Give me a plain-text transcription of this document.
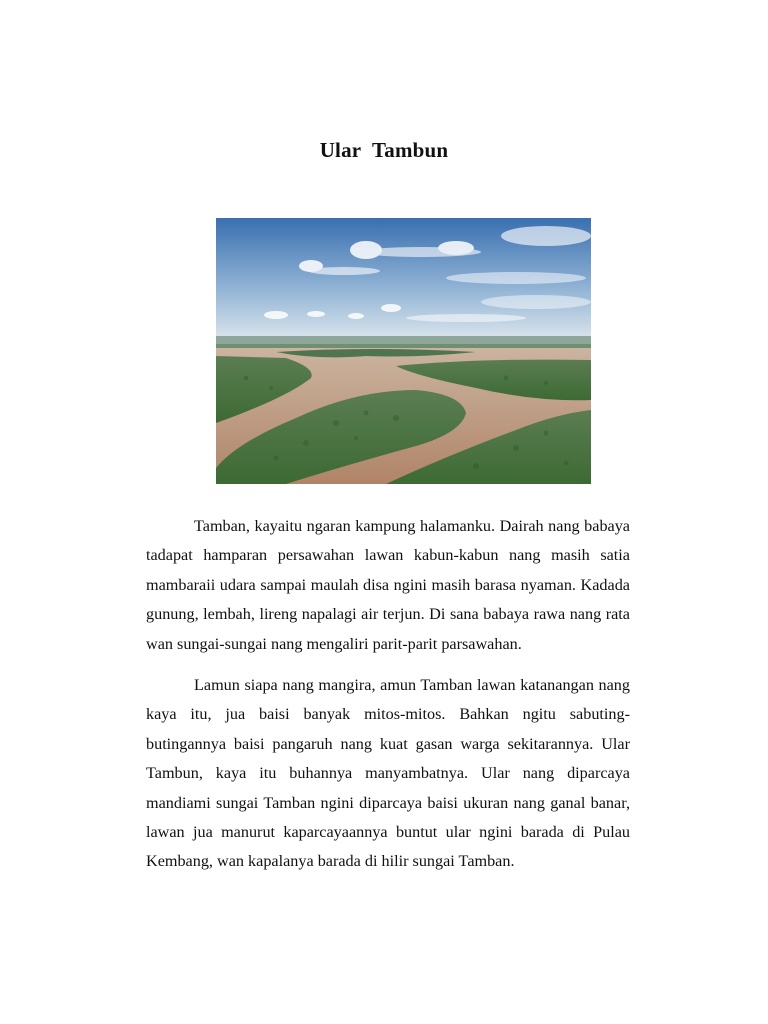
Ular Tambun

Tamban, kayaitu ngaran kampung halamanku. Dairah nang babaya tadapat hamparan persawahan lawan kabun-kabun nang masih satia mambaraii udara sampai maulah disa ngini masih barasa nyaman. Kadada gunung, lembah, lireng napalagi air terjun. Di sana babaya rawa nang rata wan sungai-sungai nang mengaliri parit-parit parsawahan.

Lamun siapa nang mangira, amun Tamban lawan katanangan nang kaya itu, jua baisi banyak mitos-mitos. Bahkan ngitu sabuting-butingannya baisi pangaruh nang kuat gasan warga sekitarannya. Ular Tambun, kaya itu buhannya manyambatnya. Ular nang diparcaya mandiami sungai Tamban ngini diparcaya baisi ukuran nang ganal banar, lawan jua manurut kaparcayaannya buntut ular ngini barada di Pulau Kembang, wan kapalanya barada di hilir sungai Tamban.
